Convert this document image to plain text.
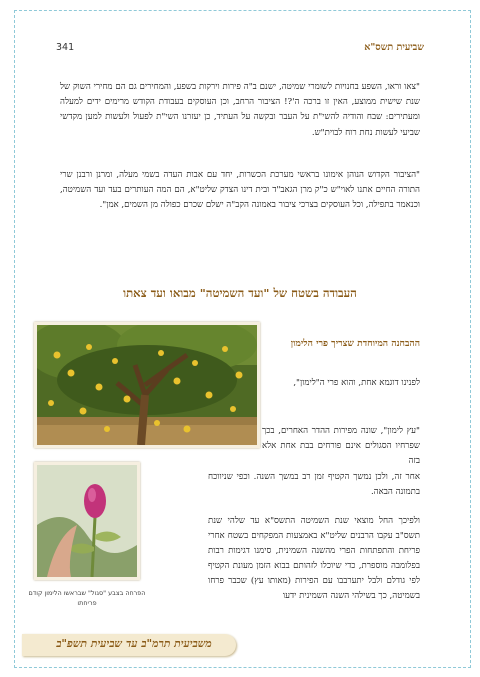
שביעית תשס"א
341

"צאו וראו, השפע בחנויות לשומרי שמיטה, ישנם ב"ה פירות וירקות בשפע, והמחירים גם הם מחירי השוק של שנת שישית ממוצע, האין זו ברכה ה'?! הציבור הרחב, וכן העוסקים בעבודת הקודש מרימים ידים למעלה ומעתירים: שבח והודיה להשי"ת על העבר ובקשה על העתיד, כן יעזרנו השי"ת לפעול ולעשות למען מקדשי שביעי לעשות נחת רוח לבוית"ש.

"הציבור הקדוש הנוהן אימונו בראשי מערכת הכשרות, יחד עם אבות העדה בשמי מעלה, ומרנן ורבנן שרי התורה החיים אתנו לאוי"ש כ"ק מרן הגאב"ד ובית דינו הצדק שליט"א, הם המה העותרים בעד ועד השמיטה, וכנאמר בתפילה, וכל העוסקים בצרכי ציבור באמונה הקב"ה ישלם שכרם כפולה מן השמים, אמן".

העבודה בשטח של "ועד השמיטה" מבואו ועד צאתו

הפרחה בצבע "סגול" שבראשו הלימון קודם פריחתו

ההבחנה המיוחדת שצריך פרי הלימון

לפנינו דוגמא אחת, והוא פרי ה"לימון",

"עץ לימון", שונה מפירות ההדר האחרים, בכך שפרחיו הסגולים אינם פורחים בבת אחת אלא בזה

אחר זה, ולכן נמשך הקטיף זמן רב במשך השנה. וכפי שניווכח בתמונה הבאה.

ולפיכך החל מוצאי שנת השמיטה התשס"א עד שלהי שנת תשס"ב עקבו הרבנים שליט"א באמצעות המפקחים בשטח אחרי פריחת והתפתחות הפרי מהשנה השמינית, סימנו דגימות רבות בפלומבה מוספרת, כדי שיוכלו לזהותם בבוא הזמן מעונת הקטיף לפי גודלם ולבל יתערבבו עם הפירות (מאותו עץ) שכבר פרחו בשמיטה, כך בשילהי השנה השמינית ידעו

משביעית תרמ"ב עד שביעית תשפ"ב
